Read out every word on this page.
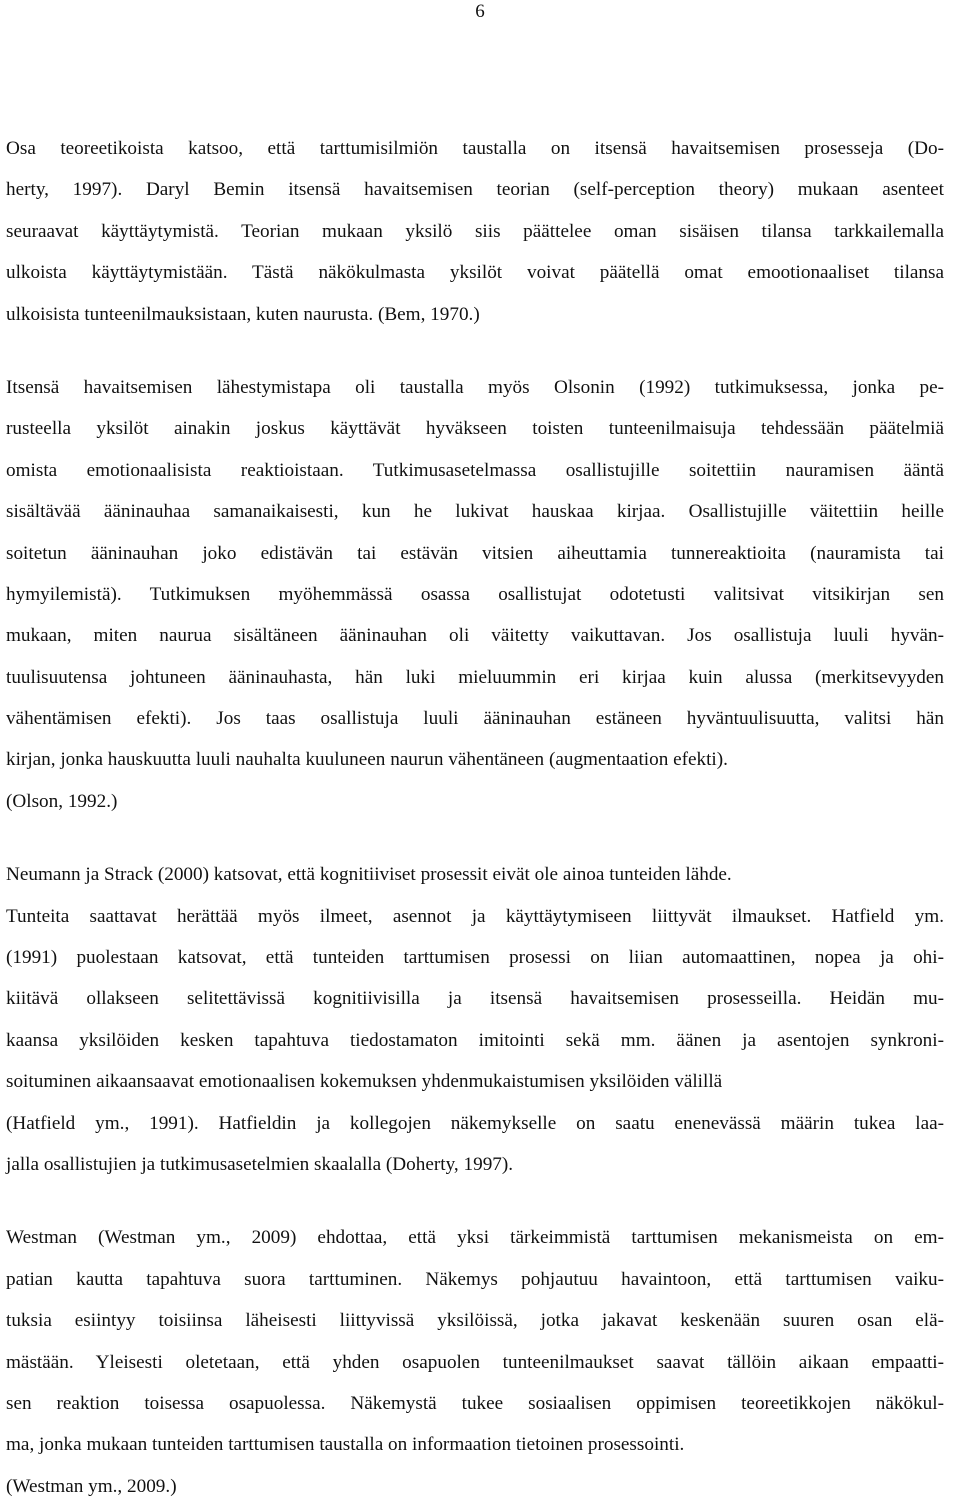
6
Osa teoreetikoista katsoo, että tarttumisilmiön taustalla on itsensä havaitsemisen prosesseja (Do-
herty, 1997). Daryl Bemin itsensä havaitsemisen teorian (self-perception theory) mukaan asenteet
seuraavat käyttäytymistä. Teorian mukaan yksilö siis päättelee oman sisäisen tilansa tarkkailemalla
ulkoista käyttäytymistään. Tästä näkökulmasta yksilöt voivat päätellä omat emootionaaliset tilansa
ulkoisista tunteenilmauksistaan, kuten naurusta. (Bem, 1970.)
Itsensä havaitsemisen lähestymistapa oli taustalla myös Olsonin (1992) tutkimuksessa, jonka pe-
rusteella yksilöt ainakin joskus käyttävät hyväkseen toisten tunteenilmaisuja tehdessään päätelmiä
omista emotionaalisista reaktioistaan. Tutkimusasetelmassa osallistujille soitettiin nauramisen ääntä
sisältävää ääninauhaa samanaikaisesti, kun he lukivat hauskaa kirjaa. Osallistujille väitettiin heille
soitetun ääninauhan joko edistävän tai estävän vitsien aiheuttamia tunnereaktioita (nauramista tai
hymyilemistä). Tutkimuksen myöhemmässä osassa osallistujat odotetusti valitsivat vitsikirjan sen
mukaan, miten naurua sisältäneen ääninauhan oli väitetty vaikuttavan. Jos osallistuja luuli hyvän-
tuulisuutensa johtuneen ääninauhasta, hän luki mieluummin eri kirjaa kuin alussa (merkitsevyyden
vähentämisen efekti). Jos taas osallistuja luuli ääninauhan estäneen hyväntuulisuutta, valitsi hän
kirjan, jonka hauskuutta luuli nauhalta kuuluneen naurun vähentäneen (augmentaation efekti).
(Olson, 1992.)
Neumann ja Strack (2000) katsovat, että kognitiiviset prosessit eivät ole ainoa tunteiden lähde.
Tunteita saattavat herättää myös ilmeet, asennot ja käyttäytymiseen liittyvät ilmaukset. Hatfield ym.
(1991) puolestaan katsovat, että tunteiden tarttumisen prosessi on liian automaattinen, nopea ja ohi-
kiitävä ollakseen selitettävissä kognitiivisilla ja itsensä havaitsemisen prosesseilla. Heidän mu-
kaansa yksilöiden kesken tapahtuva tiedostamaton imitointi sekä mm. äänen ja asentojen synkroni-
soituminen aikaansaavat emotionaalisen kokemuksen yhdenmukaistumisen yksilöiden välillä
(Hatfield ym., 1991). Hatfieldin ja kollegojen näkemykselle on saatu enenevässä määrin tukea laa-
jalla osallistujien ja tutkimusasetelmien skaalalla (Doherty, 1997).
Westman (Westman ym., 2009) ehdottaa, että yksi tärkeimmistä tarttumisen mekanismeista on em-
patian kautta tapahtuva suora tarttuminen. Näkemys pohjautuu havaintoon, että tarttumisen vaiku-
tuksia esiintyy toisiinsa läheisesti liittyvissä yksilöissä, jotka jakavat keskenään suuren osan elä-
mästään. Yleisesti oletetaan, että yhden osapuolen tunteenilmaukset saavat tällöin aikaan empaatti-
sen reaktion toisessa osapuolessa. Näkemystä tukee sosiaalisen oppimisen teoreetikkojen näkökul-
ma, jonka mukaan tunteiden tarttumisen taustalla on informaation tietoinen prosessointi.
(Westman ym., 2009.)
